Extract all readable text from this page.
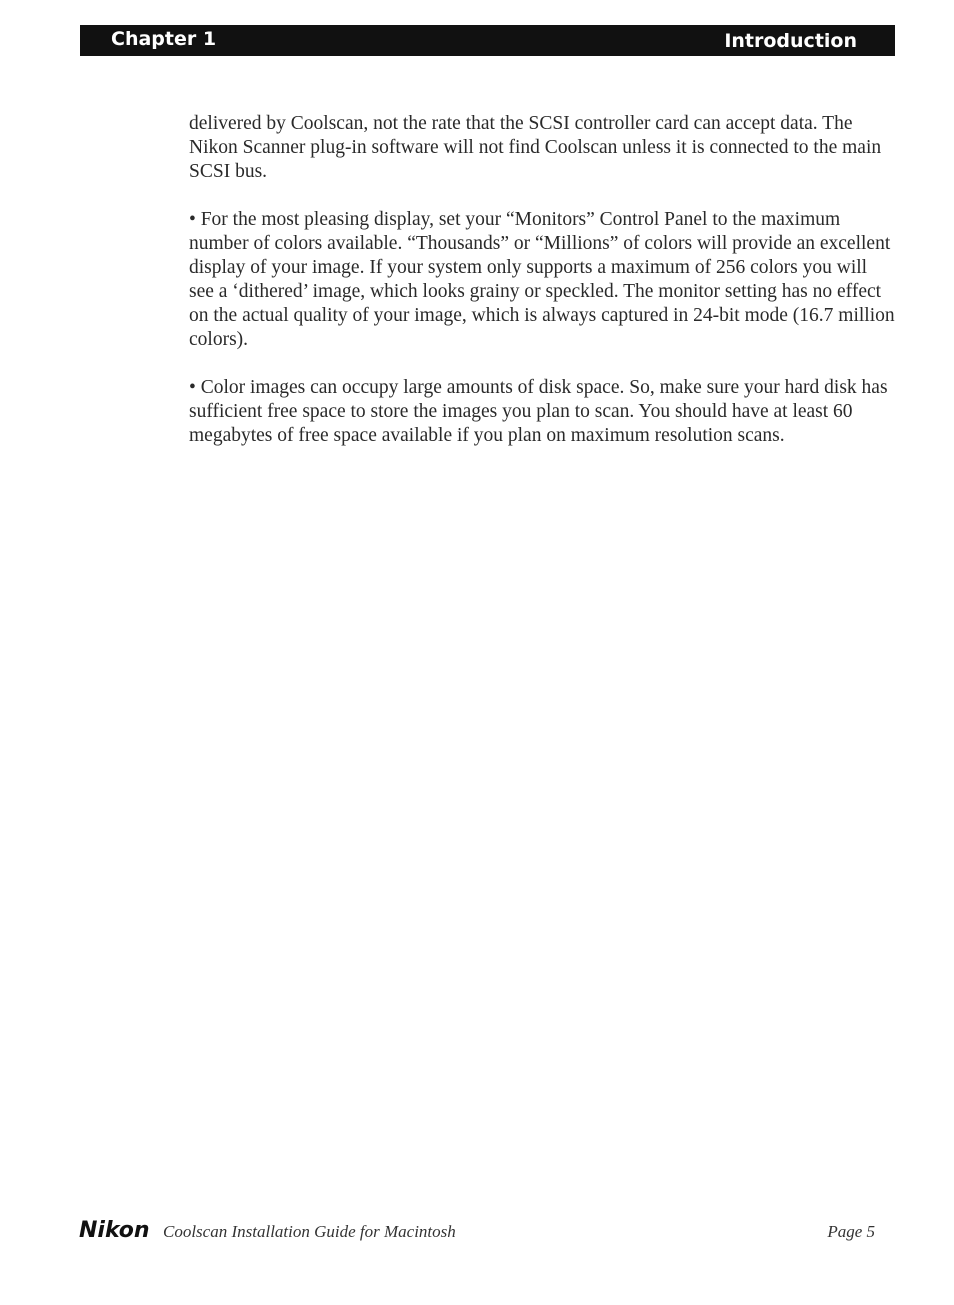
Chapter 1	Introduction

delivered by Coolscan, not the rate that the SCSI controller card can accept data. The Nikon Scanner plug-in software will not find Coolscan unless it is connected to the main SCSI bus.

• For the most pleasing display, set your “Monitors” Control Panel to the maximum number of colors available. “Thousands” or “Millions” of colors will provide an excellent display of your image. If your system only supports a maximum of 256 colors you will see a ‘dithered’ image, which looks grainy or speckled. The monitor setting has no effect on the actual quality of your image, which is always captured in 24-bit mode (16.7 million colors).

• Color images can occupy large amounts of disk space. So, make sure your hard disk has sufficient free space to store the images you plan to scan. You should have at least 60 megabytes of free space available if you plan on maximum resolution scans.

Nikon Coolscan Installation Guide for Macintosh	Page 5
